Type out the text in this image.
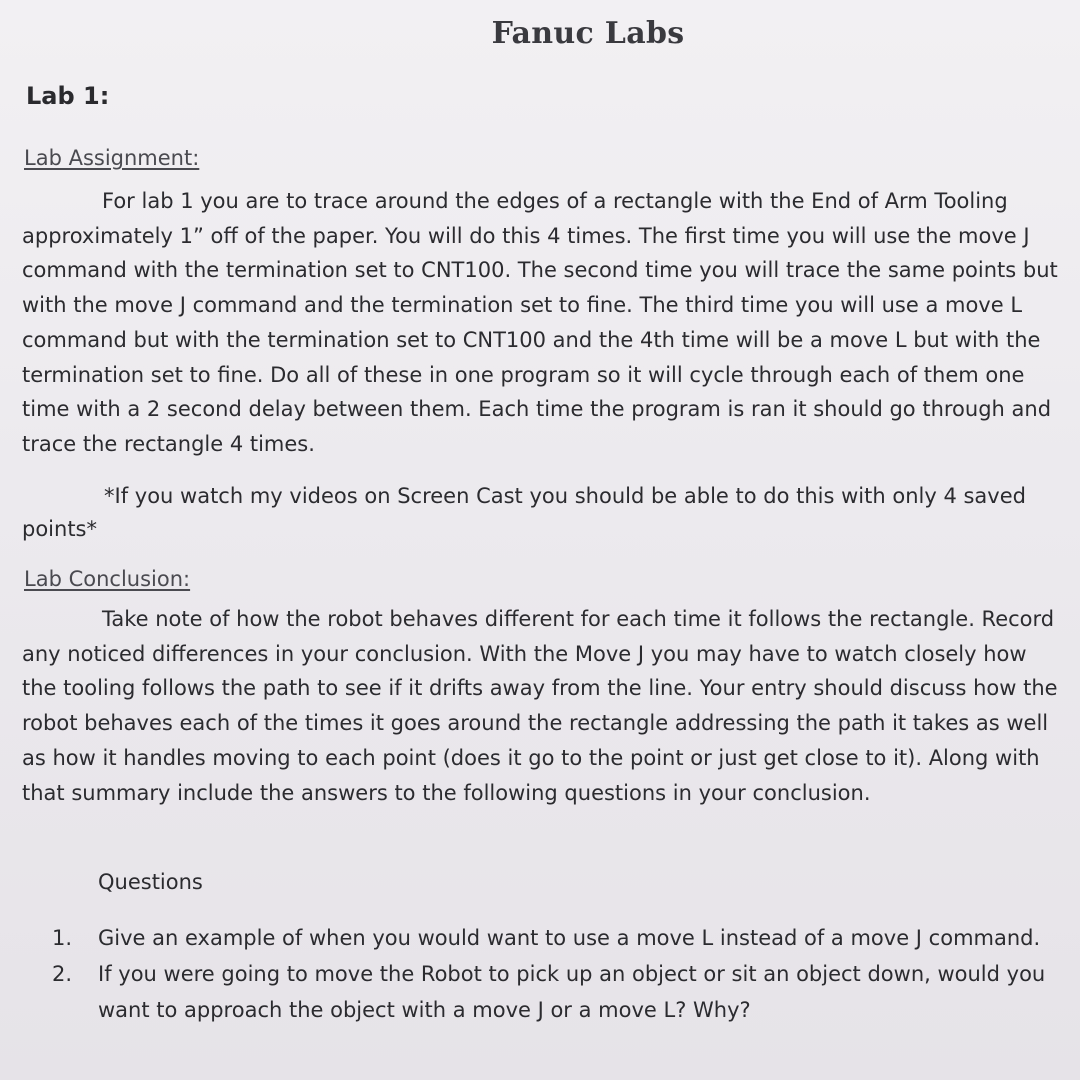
Fanuc Labs
Lab 1:
Lab Assignment:
For lab 1 you are to trace around the edges of a rectangle with the End of Arm Tooling approximately 1” off of the paper. You will do this 4 times. The first time you will use the move J command with the termination set to CNT100. The second time you will trace the same points but with the move J command and the termination set to fine. The third time you will use a move L command but with the termination set to CNT100 and the 4th time will be a move L but with the termination set to fine. Do all of these in one program so it will cycle through each of them one time with a 2 second delay between them. Each time the program is ran it should go through and trace the rectangle 4 times.
*If you watch my videos on Screen Cast you should be able to do this with only 4 saved points*
Lab Conclusion:
Take note of how the robot behaves different for each time it follows the rectangle. Record any noticed differences in your conclusion. With the Move J you may have to watch closely how the tooling follows the path to see if it drifts away from the line. Your entry should discuss how the robot behaves each of the times it goes around the rectangle addressing the path it takes as well as how it handles moving to each point (does it go to the point or just get close to it). Along with that summary include the answers to the following questions in your conclusion.
Questions
1.	Give an example of when you would want to use a move L instead of a move J command.
2.	If you were going to move the Robot to pick up an object or sit an object down, would you want to approach the object with a move J or a move L? Why?
